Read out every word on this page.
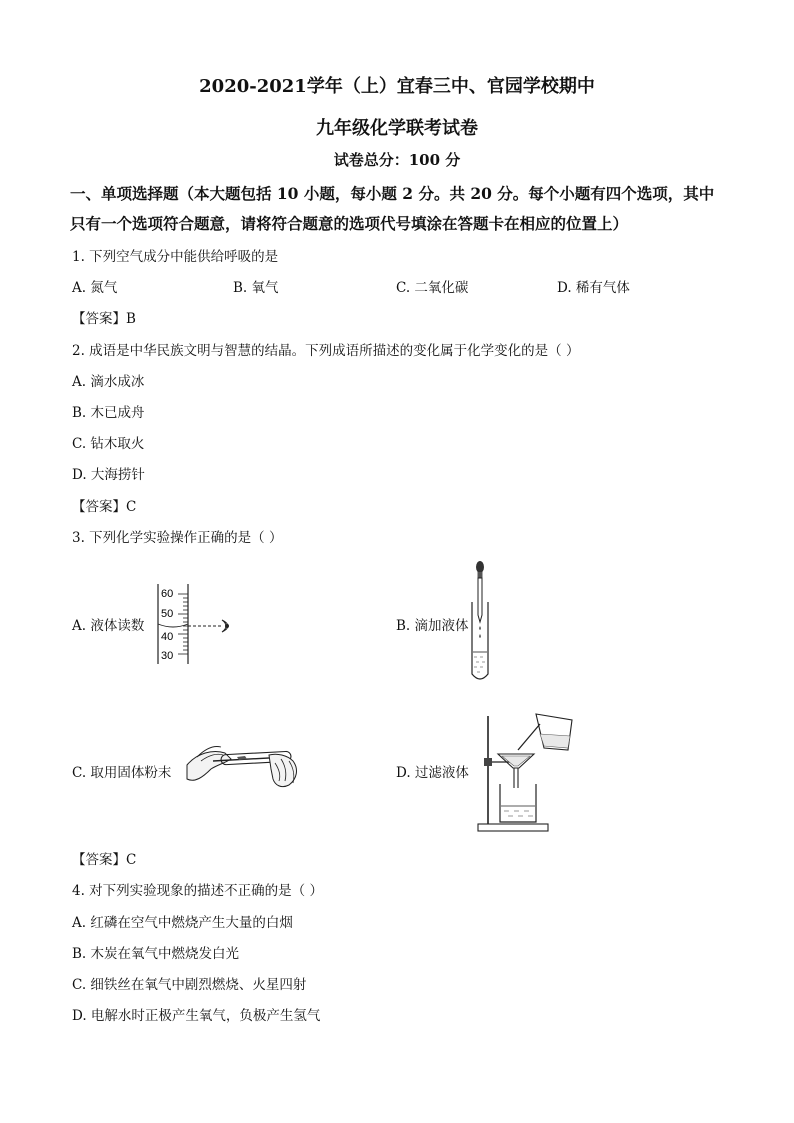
2020-2021学年（上）宜春三中、官园学校期中
九年级化学联考试卷
试卷总分：100 分
一、单项选择题（本大题包括 10 小题，每小题 2 分。共 20 分。每个小题有四个选项，其中
只有一个选项符合题意，请将符合题意的选项代号填涂在答题卡在相应的位置上）
1. 下列空气成分中能供给呼吸的是
A. 氮气	B. 氧气	C. 二氧化碳	D. 稀有气体
【答案】B
2. 成语是中华民族文明与智慧的结晶。下列成语所描述的变化属于化学变化的是（ ）
A. 滴水成冰
B. 木已成舟
C. 钻木取火
D. 大海捞针
【答案】C
3. 下列化学实验操作正确的是（ ）
A. 液体读数
60
50
40
30
B. 滴加液体
C. 取用固体粉末	D. 过滤液体
【答案】C
4. 对下列实验现象的描述不正确的是（ ）
A. 红磷在空气中燃烧产生大量的白烟
B. 木炭在氧气中燃烧发白光
C. 细铁丝在氧气中剧烈燃烧、火星四射
D. 电解水时正极产生氧气，负极产生氢气
